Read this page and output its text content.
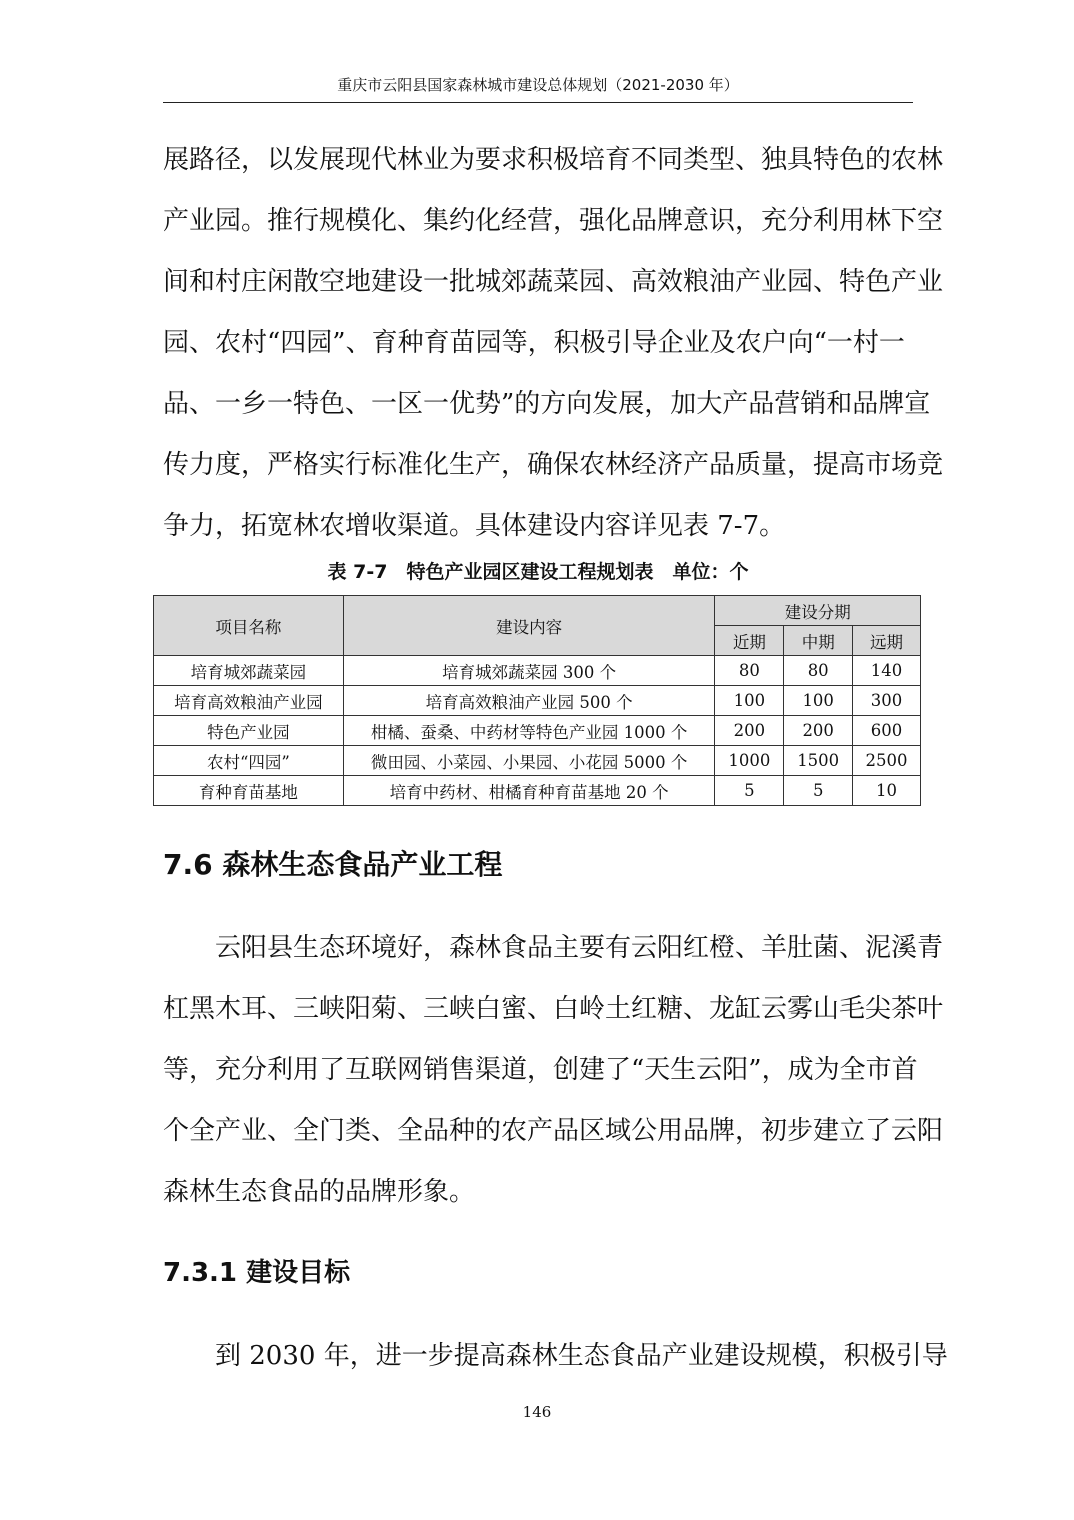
重庆市云阳县国家森林城市建设总体规划（2021-2030 年）
展路径，以发展现代林业为要求积极培育不同类型、独具特色的农林
产业园。推行规模化、集约化经营，强化品牌意识，充分利用林下空
间和村庄闲散空地建设一批城郊蔬菜园、高效粮油产业园、特色产业
园、农村“四园”、育种育苗园等，积极引导企业及农户向“一村一
品、一乡一特色、一区一优势”的方向发展，加大产品营销和品牌宣
传力度，严格实行标准化生产，确保农林经济产品质量，提高市场竞
争力，拓宽林农增收渠道。具体建设内容详见表 7-7。
表 7-7　特色产业园区建设工程规划表　单位：个
项目名称	建设内容	建设分期		
		近期	中期	远期
培育城郊蔬菜园	培育城郊蔬菜园 300 个	80	80	140
培育高效粮油产业园	培育高效粮油产业园 500 个	100	100	300
特色产业园	柑橘、蚕桑、中药材等特色产业园 1000 个	200	200	600
农村“四园”	微田园、小菜园、小果园、小花园 5000 个	1000	1500	2500
育种育苗基地	培育中药材、柑橘育种育苗基地 20 个	5	5	10
7.6 森林生态食品产业工程
云阳县生态环境好，森林食品主要有云阳红橙、羊肚菌、泥溪青
杠黑木耳、三峡阳菊、三峡白蜜、白岭土红糖、龙缸云雾山毛尖茶叶
等，充分利用了互联网销售渠道，创建了“天生云阳”，成为全市首
个全产业、全门类、全品种的农产品区域公用品牌，初步建立了云阳
森林生态食品的品牌形象。
7.3.1 建设目标
到 2030 年，进一步提高森林生态食品产业建设规模，积极引导
146
